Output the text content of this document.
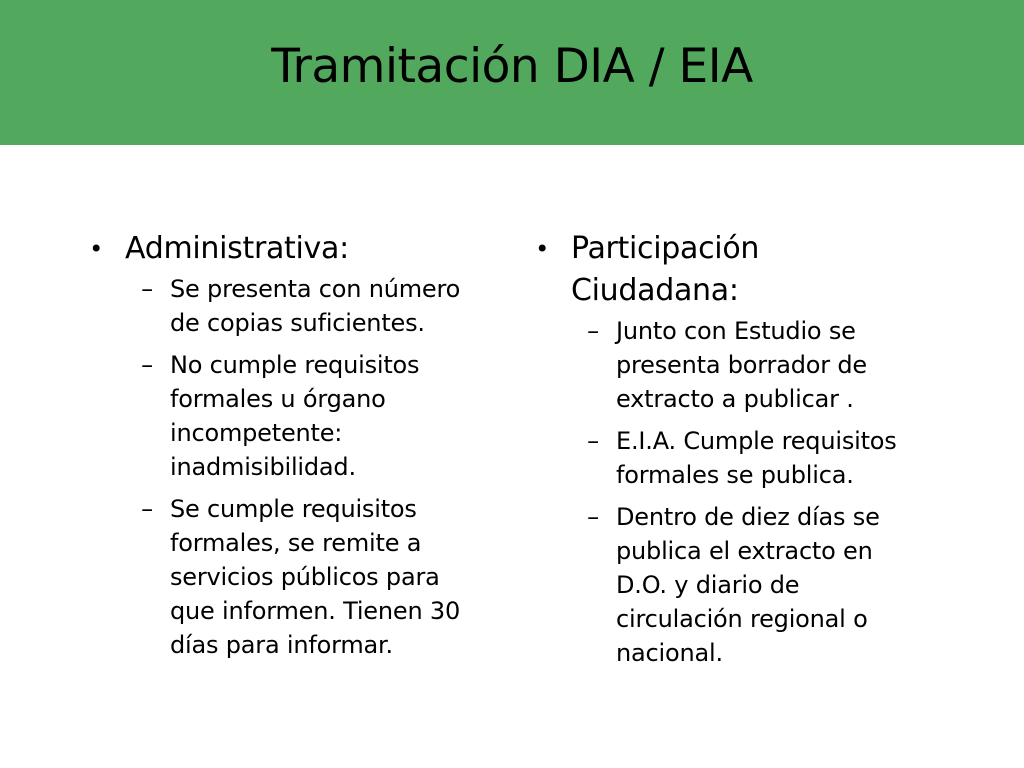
Tramitación DIA / EIA
• Administrativa:
– Se presenta con número de copias suficientes.
– No cumple requisitos formales u órgano incompetente: inadmisibilidad.
– Se cumple requisitos formales, se remite a servicios públicos para que informen. Tienen 30 días para informar.
• Participación Ciudadana:
– Junto con Estudio se presenta borrador de extracto a publicar .
– E.I.A. Cumple requisitos formales se publica.
– Dentro de diez días se publica el extracto en D.O. y diario de circulación regional o nacional.
